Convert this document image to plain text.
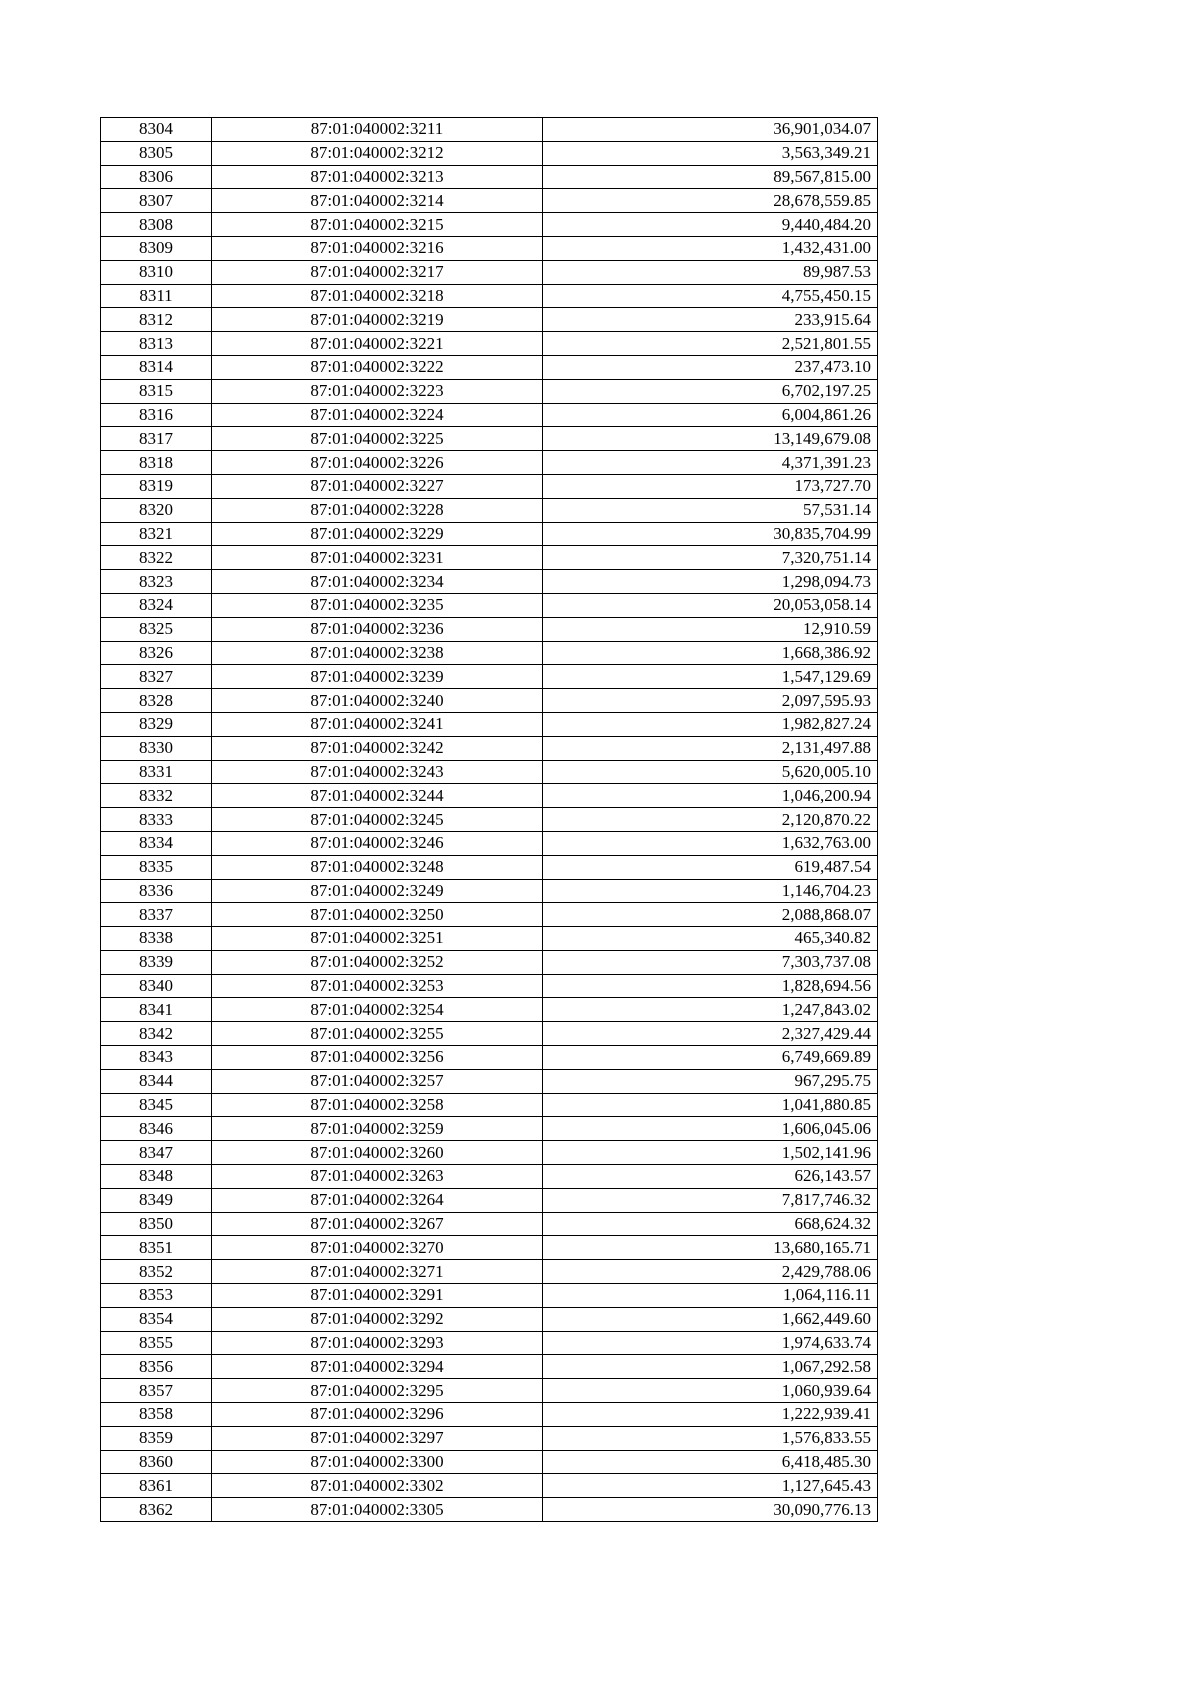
8304	87:01:040002:3211	36,901,034.07
8305	87:01:040002:3212	3,563,349.21
8306	87:01:040002:3213	89,567,815.00
8307	87:01:040002:3214	28,678,559.85
8308	87:01:040002:3215	9,440,484.20
8309	87:01:040002:3216	1,432,431.00
8310	87:01:040002:3217	89,987.53
8311	87:01:040002:3218	4,755,450.15
8312	87:01:040002:3219	233,915.64
8313	87:01:040002:3221	2,521,801.55
8314	87:01:040002:3222	237,473.10
8315	87:01:040002:3223	6,702,197.25
8316	87:01:040002:3224	6,004,861.26
8317	87:01:040002:3225	13,149,679.08
8318	87:01:040002:3226	4,371,391.23
8319	87:01:040002:3227	173,727.70
8320	87:01:040002:3228	57,531.14
8321	87:01:040002:3229	30,835,704.99
8322	87:01:040002:3231	7,320,751.14
8323	87:01:040002:3234	1,298,094.73
8324	87:01:040002:3235	20,053,058.14
8325	87:01:040002:3236	12,910.59
8326	87:01:040002:3238	1,668,386.92
8327	87:01:040002:3239	1,547,129.69
8328	87:01:040002:3240	2,097,595.93
8329	87:01:040002:3241	1,982,827.24
8330	87:01:040002:3242	2,131,497.88
8331	87:01:040002:3243	5,620,005.10
8332	87:01:040002:3244	1,046,200.94
8333	87:01:040002:3245	2,120,870.22
8334	87:01:040002:3246	1,632,763.00
8335	87:01:040002:3248	619,487.54
8336	87:01:040002:3249	1,146,704.23
8337	87:01:040002:3250	2,088,868.07
8338	87:01:040002:3251	465,340.82
8339	87:01:040002:3252	7,303,737.08
8340	87:01:040002:3253	1,828,694.56
8341	87:01:040002:3254	1,247,843.02
8342	87:01:040002:3255	2,327,429.44
8343	87:01:040002:3256	6,749,669.89
8344	87:01:040002:3257	967,295.75
8345	87:01:040002:3258	1,041,880.85
8346	87:01:040002:3259	1,606,045.06
8347	87:01:040002:3260	1,502,141.96
8348	87:01:040002:3263	626,143.57
8349	87:01:040002:3264	7,817,746.32
8350	87:01:040002:3267	668,624.32
8351	87:01:040002:3270	13,680,165.71
8352	87:01:040002:3271	2,429,788.06
8353	87:01:040002:3291	1,064,116.11
8354	87:01:040002:3292	1,662,449.60
8355	87:01:040002:3293	1,974,633.74
8356	87:01:040002:3294	1,067,292.58
8357	87:01:040002:3295	1,060,939.64
8358	87:01:040002:3296	1,222,939.41
8359	87:01:040002:3297	1,576,833.55
8360	87:01:040002:3300	6,418,485.30
8361	87:01:040002:3302	1,127,645.43
8362	87:01:040002:3305	30,090,776.13
